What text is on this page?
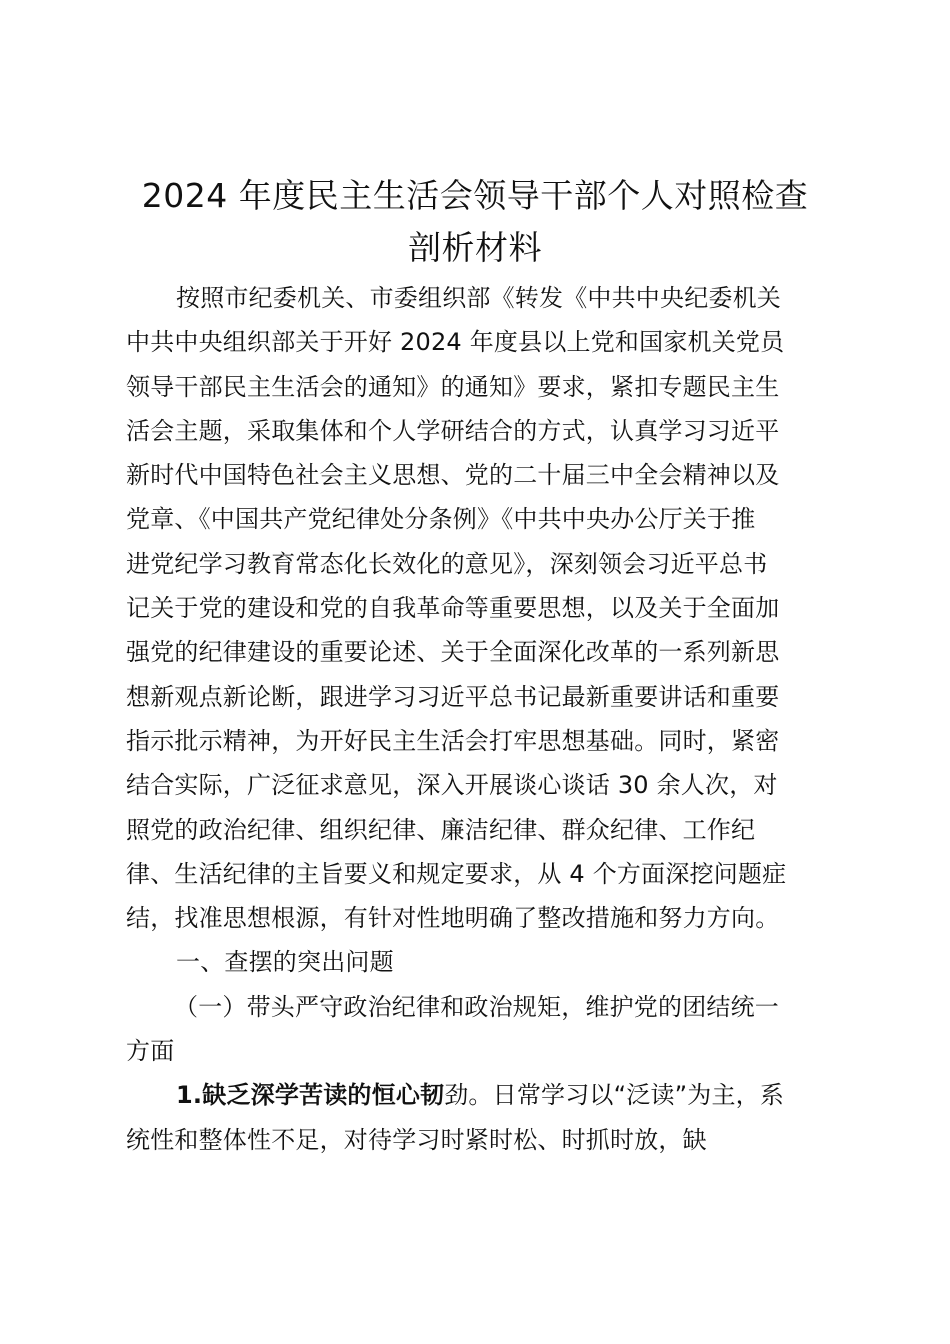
2024 年度民主生活会领导干部个人对照检查
剖析材料
按照市纪委机关、市委组织部《转发《中共中央纪委机关
中共中央组织部关于开好 2024 年度县以上党和国家机关党员
领导干部民主生活会的通知》的通知》要求，紧扣专题民主生
活会主题，采取集体和个人学研结合的方式，认真学习习近平
新时代中国特色社会主义思想、党的二十届三中全会精神以及
党章、《中国共产党纪律处分条例》《中共中央办公厅关于推
进党纪学习教育常态化长效化的意见》，深刻领会习近平总书
记关于党的建设和党的自我革命等重要思想，以及关于全面加
强党的纪律建设的重要论述、关于全面深化改革的一系列新思
想新观点新论断，跟进学习习近平总书记最新重要讲话和重要
指示批示精神，为开好民主生活会打牢思想基础。同时，紧密
结合实际，广泛征求意见，深入开展谈心谈话 30 余人次，对
照党的政治纪律、组织纪律、廉洁纪律、群众纪律、工作纪
律、生活纪律的主旨要义和规定要求，从 4 个方面深挖问题症
结，找准思想根源，有针对性地明确了整改措施和努力方向。
一、查摆的突出问题
（一）带头严守政治纪律和政治规矩，维护党的团结统一
方面
1.缺乏深学苦读的恒心韧劲。日常学习以“泛读”为主，系
统性和整体性不足，对待学习时紧时松、时抓时放，缺
